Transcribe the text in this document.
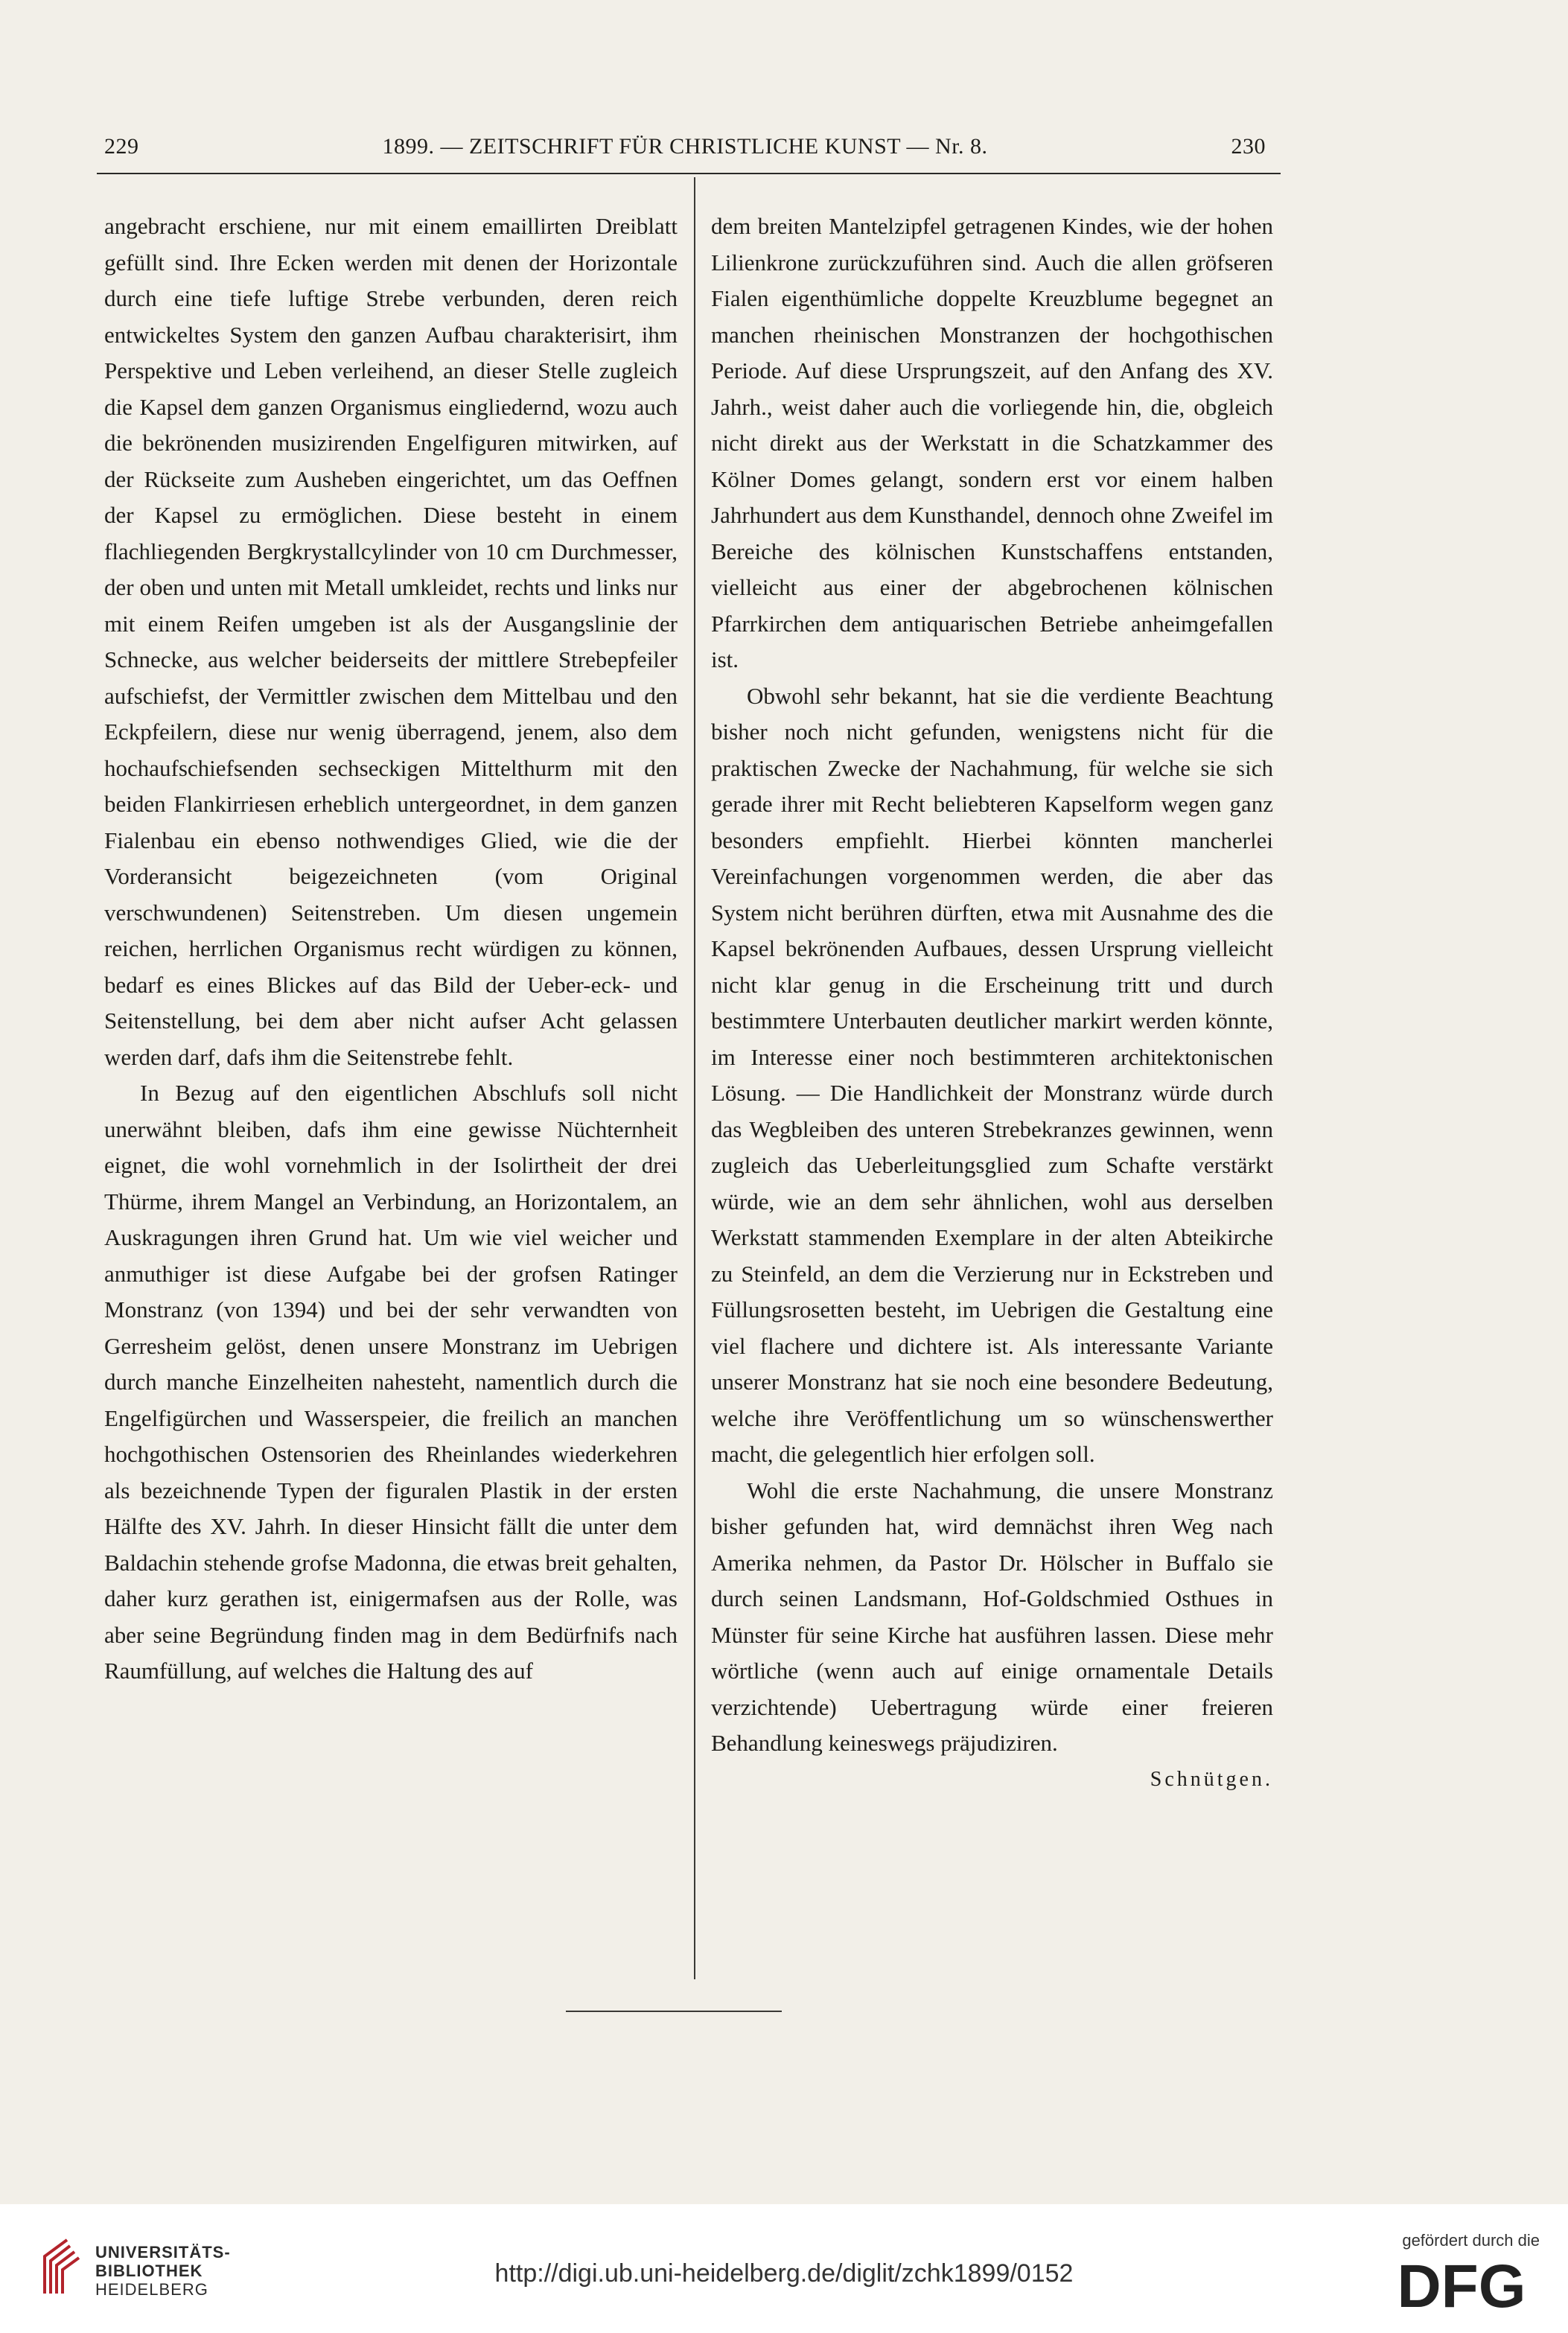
229	1899. — ZEITSCHRIFT FÜR CHRISTLICHE KUNST — Nr. 8.	230

angebracht erschiene, nur mit einem emaillirten Dreiblatt gefüllt sind. Ihre Ecken werden mit denen der Horizontale durch eine tiefe luftige Strebe verbunden, deren reich entwickeltes System den ganzen Aufbau charakterisirt, ihm Perspektive und Leben verleihend, an dieser Stelle zugleich die Kapsel dem ganzen Organismus eingliedernd, wozu auch die bekrönenden musizirenden Engelfiguren mitwirken, auf der Rückseite zum Ausheben eingerichtet, um das Oeffnen der Kapsel zu ermöglichen. Diese besteht in einem flachliegenden Bergkrystallcylinder von 10 cm Durchmesser, der oben und unten mit Metall umkleidet, rechts und links nur mit einem Reifen umgeben ist als der Ausgangslinie der Schnecke, aus welcher beiderseits der mittlere Strebepfeiler aufschiefst, der Vermittler zwischen dem Mittelbau und den Eckpfeilern, diese nur wenig überragend, jenem, also dem hochaufschiefsenden sechseckigen Mittelthurm mit den beiden Flankirriesen erheblich untergeordnet, in dem ganzen Fialenbau ein ebenso nothwendiges Glied, wie die der Vorderansicht beigezeichneten (vom Original verschwundenen) Seitenstreben. Um diesen ungemein reichen, herrlichen Organismus recht würdigen zu können, bedarf es eines Blickes auf das Bild der Ueber-eck- und Seitenstellung, bei dem aber nicht aufser Acht gelassen werden darf, dafs ihm die Seitenstrebe fehlt.

In Bezug auf den eigentlichen Abschlufs soll nicht unerwähnt bleiben, dafs ihm eine gewisse Nüchternheit eignet, die wohl vornehmlich in der Isolirtheit der drei Thürme, ihrem Mangel an Verbindung, an Horizontalem, an Auskragungen ihren Grund hat. Um wie viel weicher und anmuthiger ist diese Aufgabe bei der grofsen Ratinger Monstranz (von 1394) und bei der sehr verwandten von Gerresheim gelöst, denen unsere Monstranz im Uebrigen durch manche Einzelheiten nahesteht, namentlich durch die Engelfigürchen und Wasserspeier, die freilich an manchen hochgothischen Ostensorien des Rheinlandes wiederkehren als bezeichnende Typen der figuralen Plastik in der ersten Hälfte des XV. Jahrh. In dieser Hinsicht fällt die unter dem Baldachin stehende grofse Madonna, die etwas breit gehalten, daher kurz gerathen ist, einigermafsen aus der Rolle, was aber seine Begründung finden mag in dem Bedürfnifs nach Raumfüllung, auf welches die Haltung des auf

dem breiten Mantelzipfel getragenen Kindes, wie der hohen Lilienkrone zurückzuführen sind. Auch die allen gröfseren Fialen eigenthümliche doppelte Kreuzblume begegnet an manchen rheinischen Monstranzen der hochgothischen Periode. Auf diese Ursprungszeit, auf den Anfang des XV. Jahrh., weist daher auch die vorliegende hin, die, obgleich nicht direkt aus der Werkstatt in die Schatzkammer des Kölner Domes gelangt, sondern erst vor einem halben Jahrhundert aus dem Kunsthandel, dennoch ohne Zweifel im Bereiche des kölnischen Kunstschaffens entstanden, vielleicht aus einer der abgebrochenen kölnischen Pfarrkirchen dem antiquarischen Betriebe anheimgefallen ist.

Obwohl sehr bekannt, hat sie die verdiente Beachtung bisher noch nicht gefunden, wenigstens nicht für die praktischen Zwecke der Nachahmung, für welche sie sich gerade ihrer mit Recht beliebteren Kapselform wegen ganz besonders empfiehlt. Hierbei könnten mancherlei Vereinfachungen vorgenommen werden, die aber das System nicht berühren dürften, etwa mit Ausnahme des die Kapsel bekrönenden Aufbaues, dessen Ursprung vielleicht nicht klar genug in die Erscheinung tritt und durch bestimmtere Unterbauten deutlicher markirt werden könnte, im Interesse einer noch bestimmteren architektonischen Lösung. — Die Handlichkeit der Monstranz würde durch das Wegbleiben des unteren Strebekranzes gewinnen, wenn zugleich das Ueberleitungsglied zum Schafte verstärkt würde, wie an dem sehr ähnlichen, wohl aus derselben Werkstatt stammenden Exemplare in der alten Abteikirche zu Steinfeld, an dem die Verzierung nur in Eckstreben und Füllungsrosetten besteht, im Uebrigen die Gestaltung eine viel flachere und dichtere ist. Als interessante Variante unserer Monstranz hat sie noch eine besondere Bedeutung, welche ihre Veröffentlichung um so wünschenswerther macht, die gelegentlich hier erfolgen soll.

Wohl die erste Nachahmung, die unsere Monstranz bisher gefunden hat, wird demnächst ihren Weg nach Amerika nehmen, da Pastor Dr. Hölscher in Buffalo sie durch seinen Landsmann, Hof-Goldschmied Osthues in Münster für seine Kirche hat ausführen lassen. Diese mehr wörtliche (wenn auch auf einige ornamentale Details verzichtende) Uebertragung würde einer freieren Behandlung keineswegs präjudiziren.

Schnütgen.

UNIVERSITÄTS-
BIBLIOTHEK
HEIDELBERG
http://digi.ub.uni-heidelberg.de/diglit/zchk1899/0152
gefördert durch die
DFG
